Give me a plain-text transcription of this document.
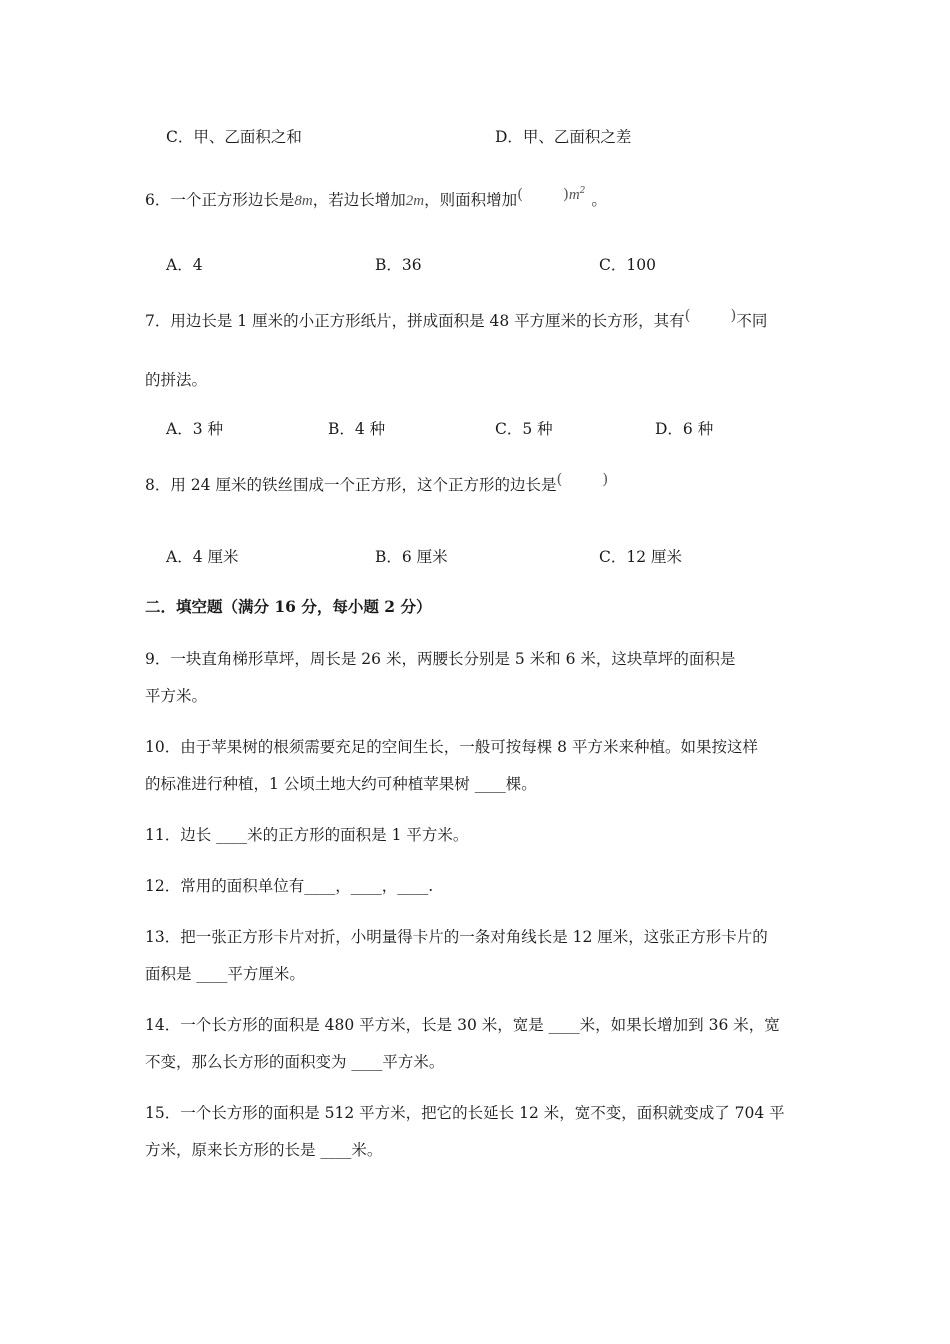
C．甲、乙面积之和	D．甲、乙面积之差
6．一个正方形边长是8m，若边长增加2m，则面积增加(	)$m^2$。
A．4	B．36	C．100
7．用边长是 1 厘米的小正方形纸片，拼成面积是 48 平方厘米的长方形，其有(	)不同
的拼法。
A．3 种	B．4 种	C．5 种	D．6 种
8．用 24 厘米的铁丝围成一个正方形，这个正方形的边长是(	)
A．4 厘米	B．6 厘米	C．12 厘米
二．填空题（满分 16 分，每小题 2 分）
9．一块直角梯形草坪，周长是 26 米，两腰长分别是 5 米和 6 米，这块草坪的面积是
平方米。
10．由于苹果树的根须需要充足的空间生长，一般可按每棵 8 平方米来种植。如果按这样
的标准进行种植，1 公顷土地大约可种植苹果树 ____棵。
11．边长 ____米的正方形的面积是 1 平方米。
12．常用的面积单位有____，____，____.
13．把一张正方形卡片对折，小明量得卡片的一条对角线长是 12 厘米，这张正方形卡片的
面积是 ____平方厘米。
14．一个长方形的面积是 480 平方米，长是 30 米，宽是 ____米，如果长增加到 36 米，宽
不变，那么长方形的面积变为 ____平方米。
15．一个长方形的面积是 512 平方米，把它的长延长 12 米，宽不变，面积就变成了 704 平
方米，原来长方形的长是 ____米。
